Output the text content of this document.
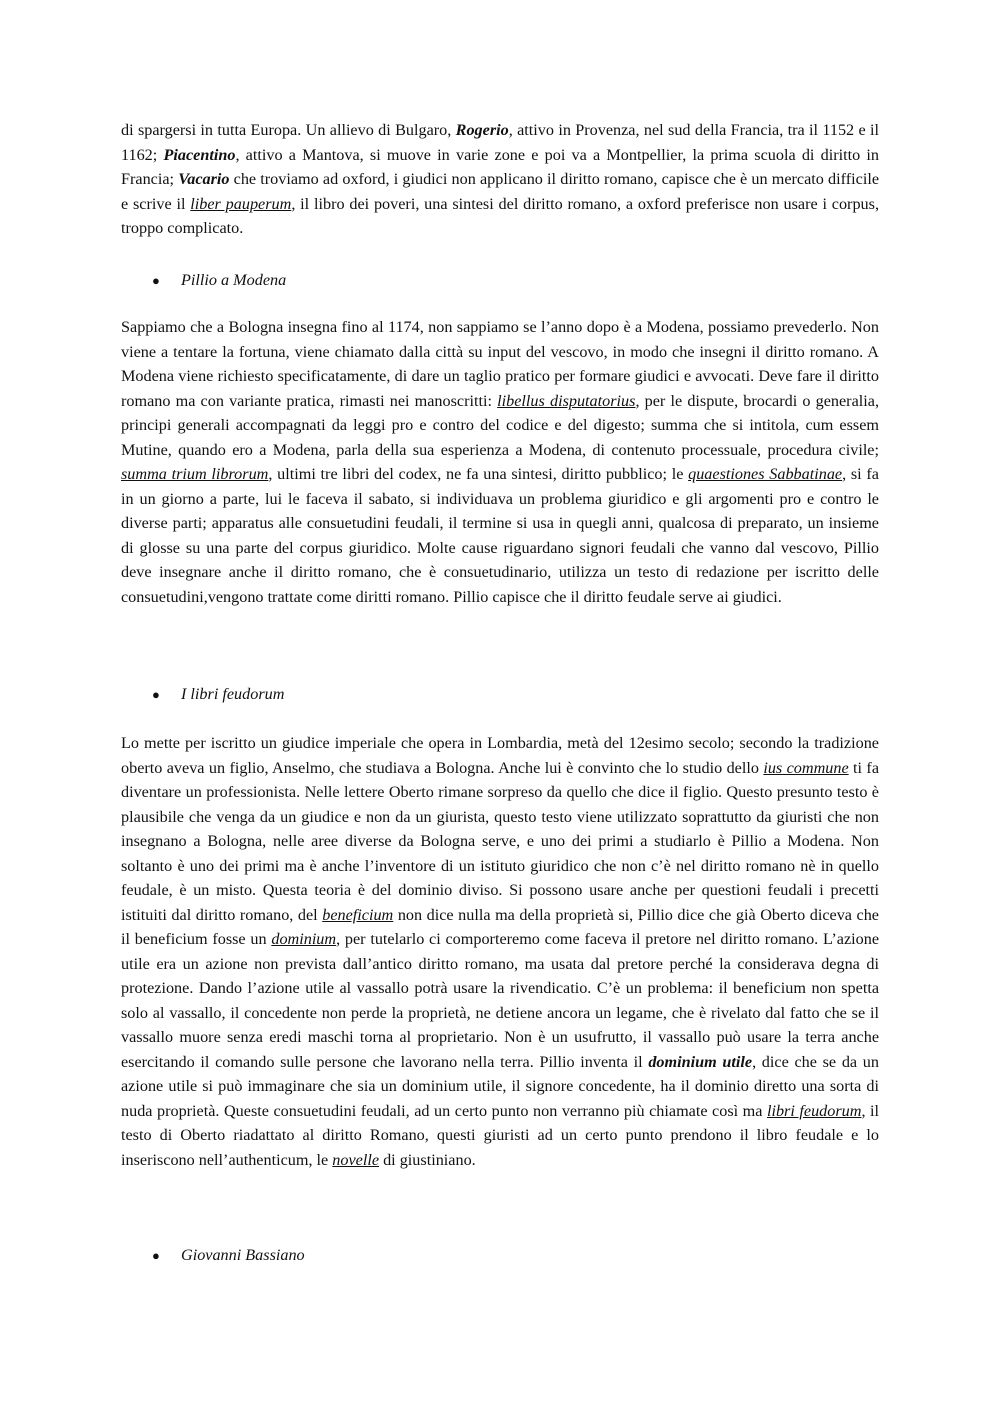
di spargersi in tutta Europa. Un allievo di Bulgaro, Rogerio, attivo in Provenza, nel sud della Francia, tra il 1152 e il 1162; Piacentino, attivo a Mantova, si muove in varie zone e poi va a Montpellier, la prima scuola di diritto in Francia; Vacario che troviamo ad oxford, i giudici non applicano il diritto romano, capisce che è un mercato difficile e scrive il liber pauperum, il libro dei poveri, una sintesi del diritto romano, a oxford preferisce non usare i corpus, troppo complicato.

● Pillio a Modena

Sappiamo che a Bologna insegna fino al 1174, non sappiamo se l’anno dopo è a Modena, possiamo prevederlo. Non viene a tentare la fortuna, viene chiamato dalla città su input del vescovo, in modo che insegni il diritto romano. A Modena viene richiesto specificatamente, di dare un taglio pratico per formare giudici e avvocati. Deve fare il diritto romano ma con variante pratica, rimasti nei manoscritti: libellus disputatorius, per le dispute, brocardi o generalia, principi generali accompagnati da leggi pro e contro del codice e del digesto; summa che si intitola, cum essem Mutine, quando ero a Modena, parla della sua esperienza a Modena, di contenuto processuale, procedura civile; summa trium librorum, ultimi tre libri del codex, ne fa una sintesi, diritto pubblico; le quaestiones Sabbatinae, si fa in un giorno a parte, lui le faceva il sabato, si individuava un problema giuridico e gli argomenti pro e contro le diverse parti; apparatus alle consuetudini feudali, il termine si usa in quegli anni, qualcosa di preparato, un insieme di glosse su una parte del corpus giuridico. Molte cause riguardano signori feudali che vanno dal vescovo, Pillio deve insegnare anche il diritto romano, che è consuetudinario, utilizza un testo di redazione per iscritto delle consuetudini,vengono trattate come diritti romano. Pillio capisce che il diritto feudale serve ai giudici.

● I libri feudorum

Lo mette per iscritto un giudice imperiale che opera in Lombardia, metà del 12esimo secolo; secondo la tradizione oberto aveva un figlio, Anselmo, che studiava a Bologna. Anche lui è convinto che lo studio dello ius commune ti fa diventare un professionista. Nelle lettere Oberto rimane sorpreso da quello che dice il figlio. Questo presunto testo è plausibile che venga da un giudice e non da un giurista, questo testo viene utilizzato soprattutto da giuristi che non insegnano a Bologna, nelle aree diverse da Bologna serve, e uno dei primi a studiarlo è Pillio a Modena. Non soltanto è uno dei primi ma è anche l’inventore di un istituto giuridico che non c’è nel diritto romano nè in quello feudale, è un misto. Questa teoria è del dominio diviso. Si possono usare anche per questioni feudali i precetti istituiti dal diritto romano, del beneficium non dice nulla ma della proprietà si, Pillio dice che già Oberto diceva che il beneficium fosse un dominium, per tutelarlo ci comporteremo come faceva il pretore nel diritto romano. L’azione utile era un azione non prevista dall’antico diritto romano, ma usata dal pretore perché la considerava degna di protezione. Dando l’azione utile al vassallo potrà usare la rivendicatio. C’è un problema: il beneficium non spetta solo al vassallo, il concedente non perde la proprietà, ne detiene ancora un legame, che è rivelato dal fatto che se il vassallo muore senza eredi maschi torna al proprietario. Non è un usufrutto, il vassallo può usare la terra anche esercitando il comando sulle persone che lavorano nella terra. Pillio inventa il dominium utile, dice che se da un azione utile si può immaginare che sia un dominium utile, il signore concedente, ha il dominio diretto una sorta di nuda proprietà. Queste consuetudini feudali, ad un certo punto non verranno più chiamate così ma libri feudorum, il testo di Oberto riadattato al diritto Romano, questi giuristi ad un certo punto prendono il libro feudale e lo inseriscono nell’authenticum, le novelle di giustiniano.

● Giovanni Bassiano
